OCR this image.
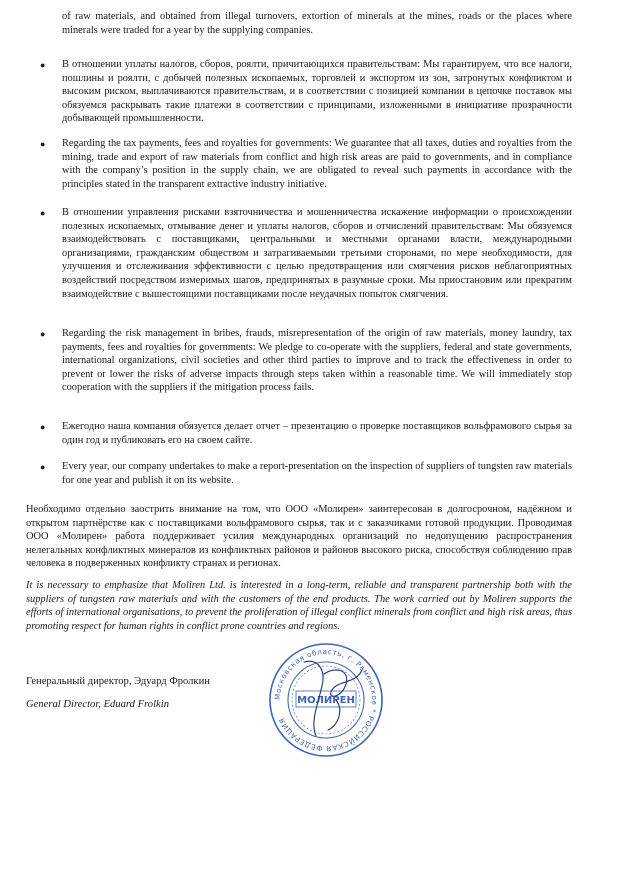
of raw materials, and obtained from illegal turnovers, extortion of minerals at the mines, roads or the places where minerals were traded for a year by the supplying companies.

● В отношении уплаты налогов, сборов, роялти, причитающихся правительствам: Мы гарантируем, что все налоги, пошлины и роялти, с добычей полезных ископаемых, торговлей и экспортом из зон, затронутых конфликтом и высоким риском, выплачиваются правительствам, и в соответствии с позицией компании в цепочке поставок мы обязуемся раскрывать такие платежи в соответствии с принципами, изложенными в инициативе прозрачности добывающей промышленности.

● Regarding the tax payments, fees and royalties for governments: We guarantee that all taxes, duties and royalties from the mining, trade and export of raw materials from conflict and high risk areas are paid to governments, and in compliance with the company’s position in the supply chain, we are obligated to reveal such payments in accordance with the principles stated in the transparent extractive industry initiative.

● В отношении управления рисками взяточничества и мошенничества искажение информации о происхождении полезных ископаемых, отмывание денег и уплаты налогов, сборов и отчислений правительствам: Мы обязуемся взаимодействовать с поставщиками, центральными и местными органами власти, международными организациями, гражданским обществом и затрагиваемыми третьими сторонами, по мере необходимости, для улучшения и отслеживания эффективности с целью предотвращения или смягчения рисков неблагоприятных воздействий посредством измеримых шагов, предпринятых в разумные сроки. Мы приостановим или прекратим взаимодействие с вышестоящими поставщиками после неудачных попыток смягчения.

● Regarding the risk management in bribes, frauds, misrepresentation of the origin of raw materials, money laundry, tax payments, fees and royalties for governments: We pledge to co-operate with the suppliers, federal and state governments, international organizations, civil societies and other third parties to improve and to track the effectiveness in order to prevent or lower the risks of adverse impacts through steps taken within a reasonable time. We will immediately stop cooperation with the suppliers if the mitigation process fails.

● Ежегодно наша компания обязуется делает отчет – презентацию о проверке поставщиков вольфрамового сырья за один год и публиковать его на своем сайте.

● Every year, our company undertakes to make a report-presentation on the inspection of suppliers of tungsten raw materials for one year and publish it on its website.

Необходимо отдельно заострить внимание на том, что ООО «Молирен» заинтересован в долгосрочном, надёжном и открытом партнёрстве как с поставщиками вольфрамового сырья, так и с заказчиками готовой продукции. Проводимая ООО «Молирен» работа поддерживает усилия международных организаций по недопущению распространения нелегальных конфликтных минералов из конфликтных районов и районов высокого риска, способствуя соблюдению прав человека в подверженных конфликту странах и регионах.

It is necessary to emphasize that Moliren Ltd. is interested in a long-term, reliable and transparent partnership both with the suppliers of tungsten raw materials and with the customers of the end products. The work carried out by Moliren supports the efforts of international organisations, to prevent the proliferation of illegal conflict minerals from conflict and high risk areas, thus promoting respect for human rights in conflict prone countries and regions.

Генеральный директор, Эдуард Фролкин

General Director, Eduard Frolkin

Московская область, г. Раменское * РОССИЙСКАЯ ФЕДЕРАЦИЯ
МОЛИРЕН
